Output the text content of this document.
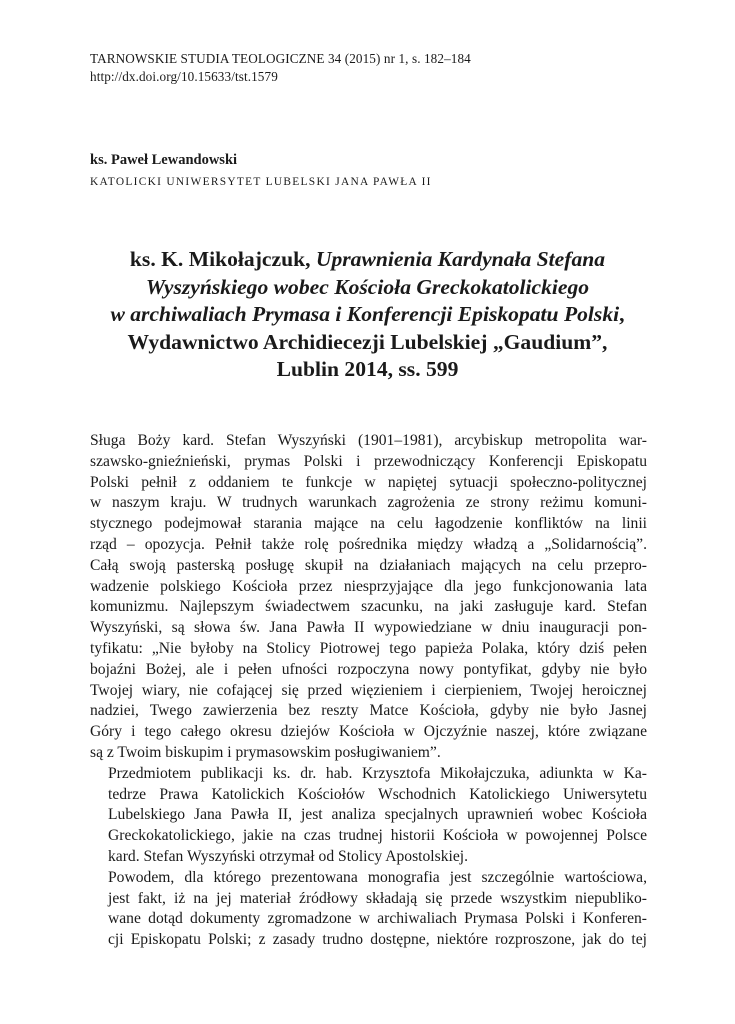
TARNOWSKIE STUDIA TEOLOGICZNE 34 (2015) nr 1, s. 182–184
http://dx.doi.org/10.15633/tst.1579
ks. Paweł Lewandowski
KATOLICKI UNIWERSYTET LUBELSKI JANA PAWŁA II
ks. K. Mikołajczuk, Uprawnienia Kardynała Stefana
Wyszyńskiego wobec Kościoła Greckokatolickiego
w archiwaliach Prymasa i Konferencji Episkopatu Polski,
Wydawnictwo Archidiecezji Lubelskiej „Gaudium”,
Lublin 2014, ss. 599

Sługa Boży kard. Stefan Wyszyński (1901–1981), arcybiskup metropolita war-
szawsko-gnieźnieński, prymas Polski i przewodniczący Konferencji Episkopatu
Polski pełnił z oddaniem te funkcje w napiętej sytuacji społeczno-politycznej
w naszym kraju. W trudnych warunkach zagrożenia ze strony reżimu komuni-
stycznego podejmował starania mające na celu łagodzenie konfliktów na linii
rząd – opozycja. Pełnił także rolę pośrednika między władzą a „Solidarnością”.
Całą swoją pasterską posługę skupił na działaniach mających na celu przepro-
wadzenie polskiego Kościoła przez niesprzyjające dla jego funkcjonowania lata
komunizmu. Najlepszym świadectwem szacunku, na jaki zasługuje kard. Stefan
Wyszyński, są słowa św. Jana Pawła II wypowiedziane w dniu inauguracji pon-
tyfikatu: „Nie byłoby na Stolicy Piotrowej tego papieża Polaka, który dziś pełen
bojaźni Bożej, ale i pełen ufności rozpoczyna nowy pontyfikat, gdyby nie było
Twojej wiary, nie cofającej się przed więzieniem i cierpieniem, Twojej heroicznej
nadziei, Twego zawierzenia bez reszty Matce Kościoła, gdyby nie było Jasnej
Góry i tego całego okresu dziejów Kościoła w Ojczyźnie naszej, które związane
są z Twoim biskupim i prymasowskim posługiwaniem”.

Przedmiotem publikacji ks. dr. hab. Krzysztofa Mikołajczuka, adiunkta w Ka-
tedrze Prawa Katolickich Kościołów Wschodnich Katolickiego Uniwersytetu
Lubelskiego Jana Pawła II, jest analiza specjalnych uprawnień wobec Kościoła
Greckokatolickiego, jakie na czas trudnej historii Kościoła w powojennej Polsce
kard. Stefan Wyszyński otrzymał od Stolicy Apostolskiej.

Powodem, dla którego prezentowana monografia jest szczególnie wartościowa,
jest fakt, iż na jej materiał źródłowy składają się przede wszystkim niepubliko-
wane dotąd dokumenty zgromadzone w archiwaliach Prymasa Polski i Konferen-
cji Episkopatu Polski; z zasady trudno dostępne, niektóre rozproszone, jak do tej
